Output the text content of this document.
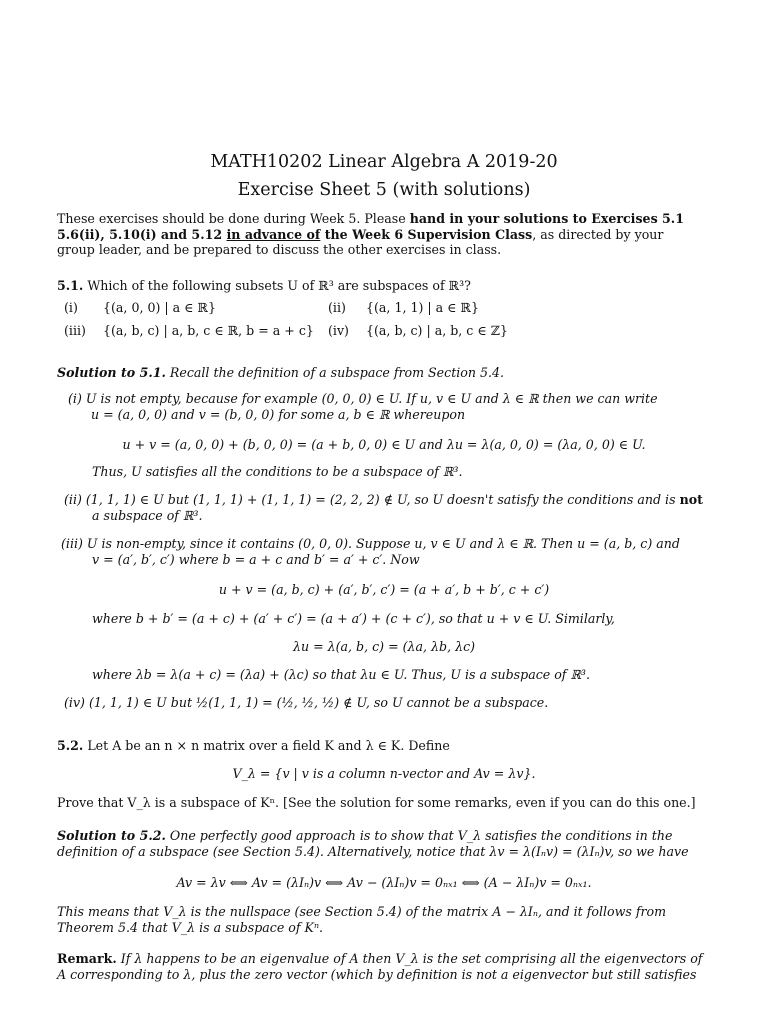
MATH10202 Linear Algebra A 2019-20
Exercise Sheet 5 (with solutions)
These exercises should be done during Week 5. Please hand in your solutions to Exercises 5.1
5.6(ii), 5.10(i) and 5.12 in advance of the Week 6 Supervision Class, as directed by your
group leader, and be prepared to discuss the other exercises in class.
5.1. Which of the following subsets U of ℝ³ are subspaces of ℝ³?
(i) {(a, 0, 0) | a ∈ ℝ}	(ii) {(a, 1, 1) | a ∈ ℝ}
(iii) {(a, b, c) | a, b, c ∈ ℝ, b = a + c} (iv) {(a, b, c) | a, b, c ∈ ℤ}
Solution to 5.1. Recall the definition of a subspace from Section 5.4.
(i) U is not empty, because for example (0, 0, 0) ∈ U. If u, v ∈ U and λ ∈ ℝ then we can write
u = (a, 0, 0) and v = (b, 0, 0) for some a, b ∈ ℝ whereupon
u + v = (a, 0, 0) + (b, 0, 0) = (a + b, 0, 0) ∈ U and λu = λ(a, 0, 0) = (λa, 0, 0) ∈ U.
Thus, U satisfies all the conditions to be a subspace of ℝ³.
(ii) (1, 1, 1) ∈ U but (1, 1, 1) + (1, 1, 1) = (2, 2, 2) ∉ U, so U doesn't satisfy the conditions and is not
a subspace of ℝ³.
(iii) U is non-empty, since it contains (0, 0, 0). Suppose u, v ∈ U and λ ∈ ℝ. Then u = (a, b, c) and
v = (a′, b′, c′) where b = a + c and b′ = a′ + c′. Now
u + v = (a, b, c) + (a′, b′, c′) = (a + a′, b + b′, c + c′)
where b + b′ = (a + c) + (a′ + c′) = (a + a′) + (c + c′), so that u + v ∈ U. Similarly,
λu = λ(a, b, c) = (λa, λb, λc)
where λb = λ(a + c) = (λa) + (λc) so that λu ∈ U. Thus, U is a subspace of ℝ³.
(iv) (1, 1, 1) ∈ U but ½(1, 1, 1) = (½, ½, ½) ∉ U, so U cannot be a subspace.
5.2. Let A be an n × n matrix over a field K and λ ∈ K. Define
V_λ = {v | v is a column n-vector and Av = λv}.
Prove that V_λ is a subspace of Kⁿ. [See the solution for some remarks, even if you can do this one.]
Solution to 5.2. One perfectly good approach is to show that V_λ satisfies the conditions in the
definition of a subspace (see Section 5.4). Alternatively, notice that λv = λ(Iₙv) = (λIₙ)v, so we have
Av = λv ⟺ Av = (λIₙ)v ⟺ Av − (λIₙ)v = 0ₙₓ₁ ⟺ (A − λIₙ)v = 0ₙₓ₁.
This means that V_λ is the nullspace (see Section 5.4) of the matrix A − λIₙ, and it follows from
Theorem 5.4 that V_λ is a subspace of Kⁿ.
Remark. If λ happens to be an eigenvalue of A then V_λ is the set comprising all the eigenvectors of
A corresponding to λ, plus the zero vector (which by definition is not a eigenvector but still satisfies
